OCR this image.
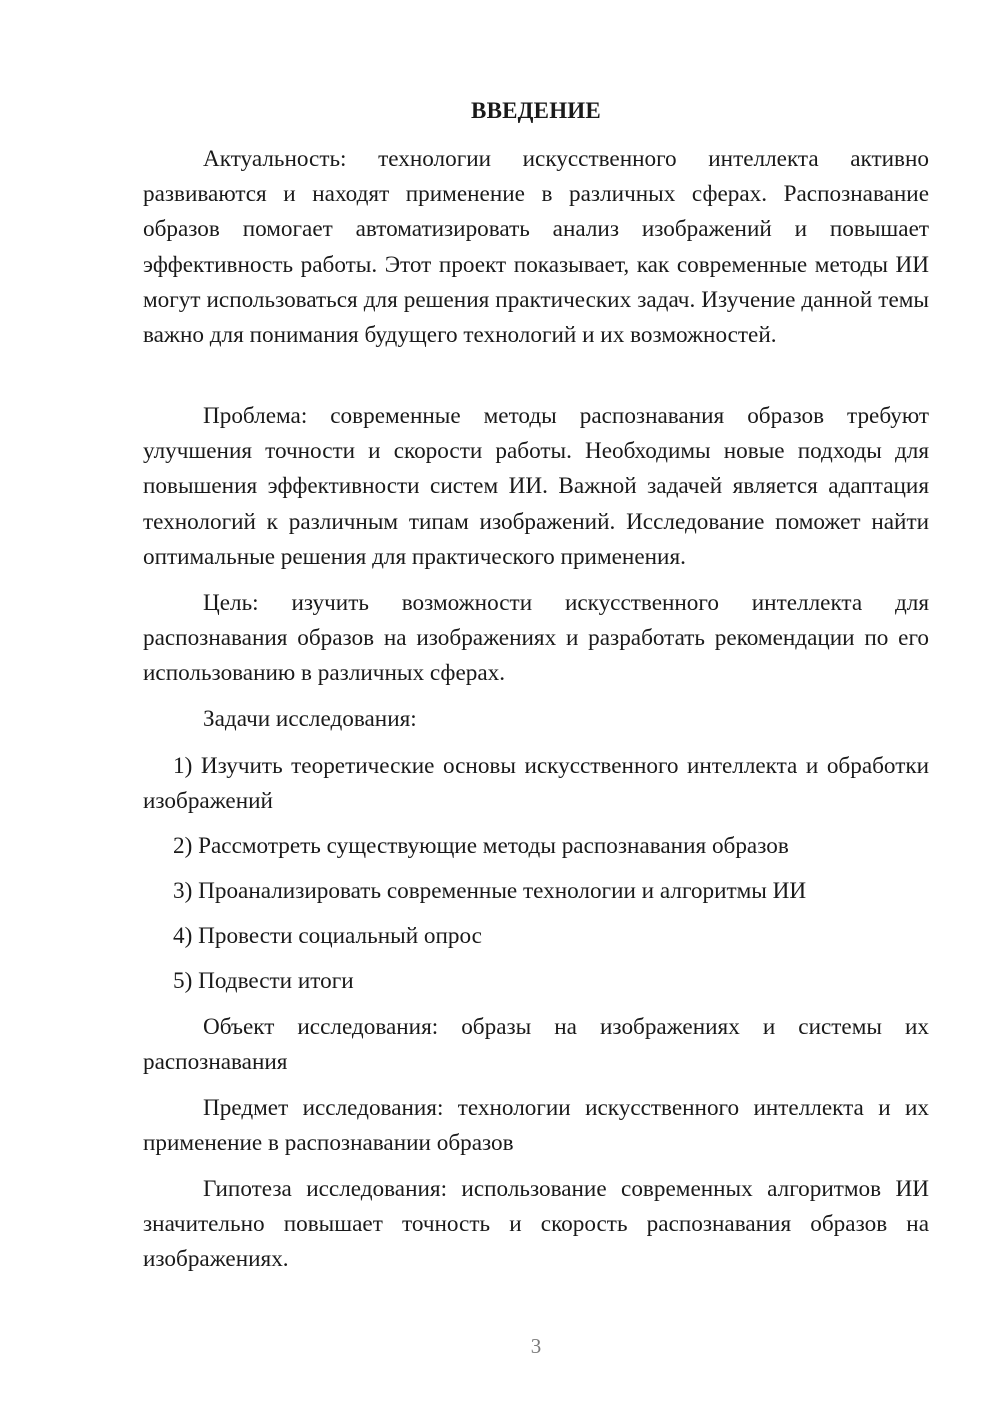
ВВЕДЕНИЕ

Актуальность: технологии искусственного интеллекта активно развиваются и находят применение в различных сферах. Распознавание образов помогает автоматизировать анализ изображений и повышает эффективность работы. Этот проект показывает, как современные методы ИИ могут использоваться для решения практических задач. Изучение данной темы важно для понимания будущего технологий и их возможностей.

Проблема: современные методы распознавания образов требуют улучшения точности и скорости работы. Необходимы новые подходы для повышения эффективности систем ИИ. Важной задачей является адаптация технологий к различным типам изображений. Исследование поможет найти оптимальные решения для практического применения.

Цель: изучить возможности искусственного интеллекта для распознавания образов на изображениях и разработать рекомендации по его использованию в различных сферах.

Задачи исследования:

1) Изучить теоретические основы искусственного интеллекта и обработки изображений

2) Рассмотреть существующие методы распознавания образов

3) Проанализировать современные технологии и алгоритмы ИИ

4) Провести социальный опрос

5) Подвести итоги

Объект исследования: образы на изображениях и системы их распознавания

Предмет исследования: технологии искусственного интеллекта и их применение в распознавании образов

Гипотеза исследования: использование современных алгоритмов ИИ значительно повышает точность и скорость распознавания образов на изображениях.

3
